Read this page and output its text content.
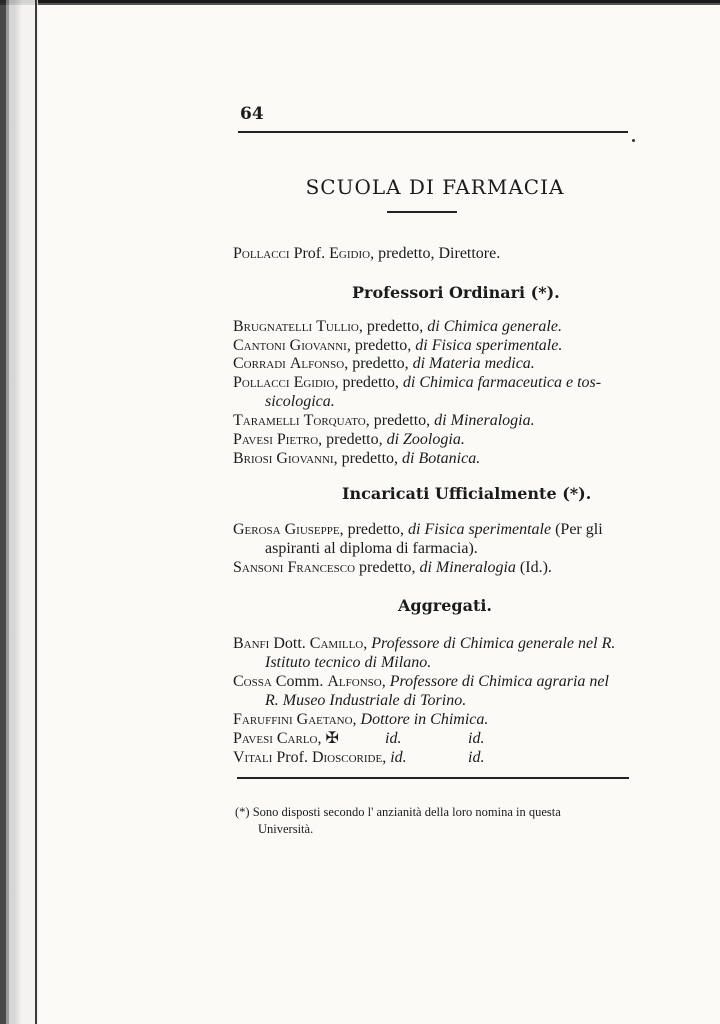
64
SCUOLA DI FARMACIA
Pollacci Prof. Egidio, predetto, Direttore.
Professori Ordinari (*).
Brugnatelli Tullio, predetto, di Chimica generale.
Cantoni Giovanni, predetto, di Fisica sperimentale.
Corradi Alfonso, predetto, di Materia medica.
Pollacci Egidio, predetto, di Chimica farmaceutica e tos-
sicologica.
Taramelli Torquato, predetto, di Mineralogia.
Pavesi Pietro, predetto, di Zoologia.
Briosi Giovanni, predetto, di Botanica.
Incaricati Ufficialmente (*).
Gerosa Giuseppe, predetto, di Fisica sperimentale (Per gli
aspiranti al diploma di farmacia).
Sansoni Francesco predetto, di Mineralogia (Id.).
Aggregati.
Banfi Dott. Camillo, Professore di Chimica generale nel R.
Istituto tecnico di Milano.
Cossa Comm. Alfonso, Professore di Chimica agraria nel
R. Museo Industriale di Torino.
Faruffini Gaetano, Dottore in Chimica.
Pavesi Carlo, ✠	id.	id.
Vitali Prof. Dioscoride, id.	id.
(*) Sono disposti secondo l' anzianità della loro nomina in questa
Università.
